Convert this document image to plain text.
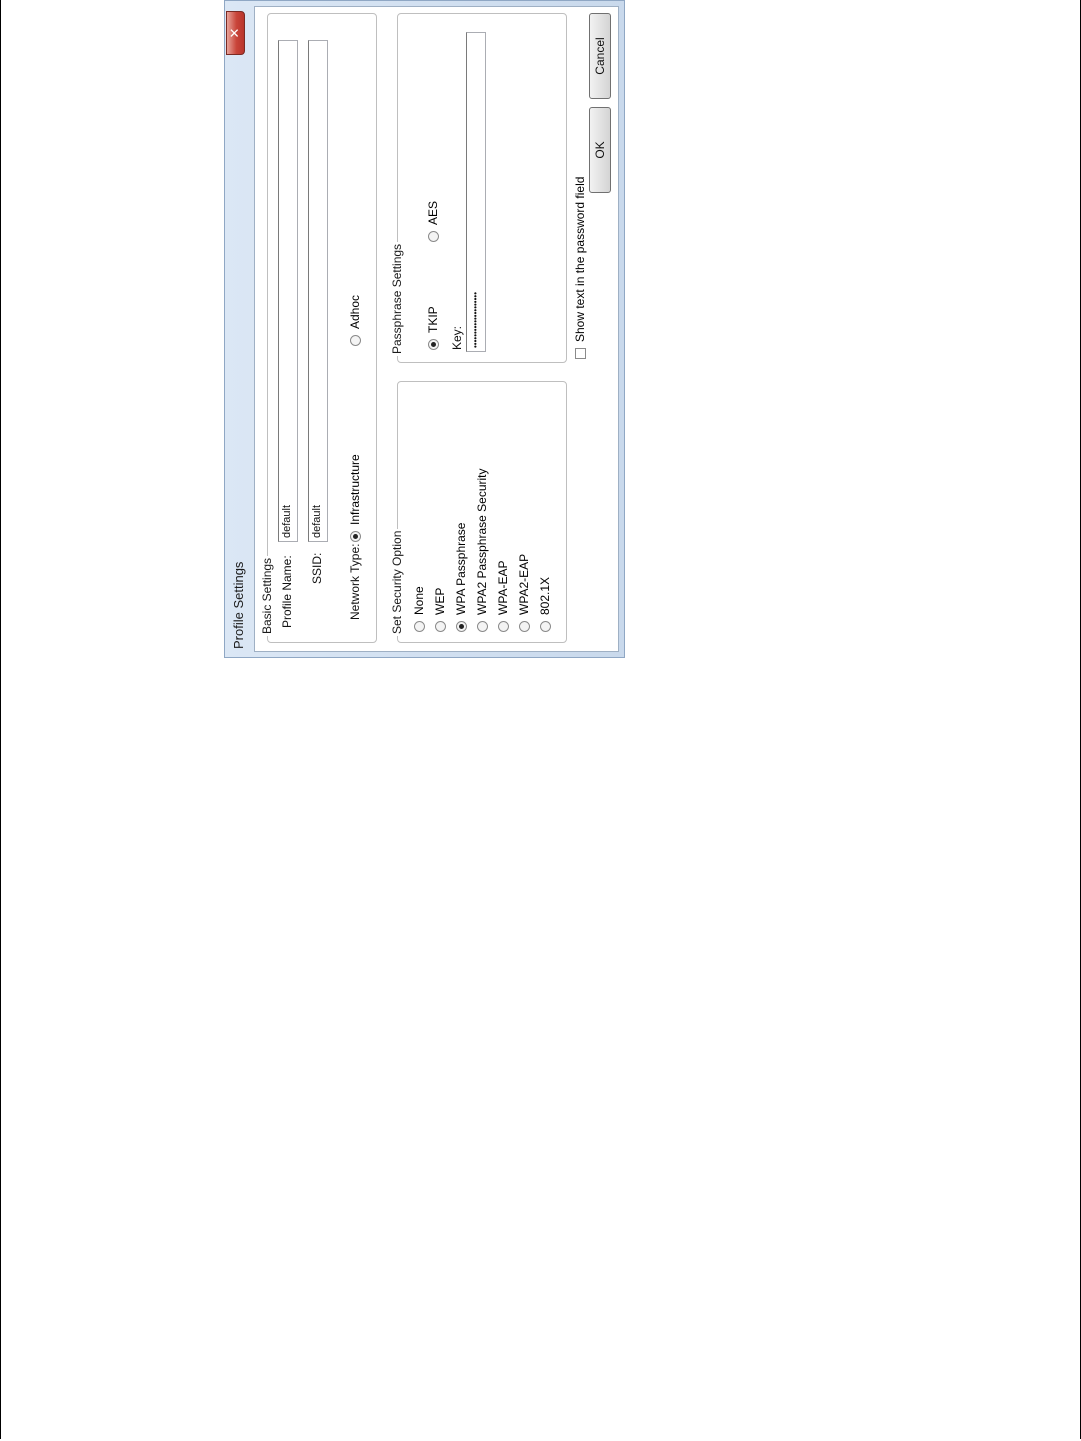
Profile Settings
✕
Basic Settings Profile Name:
default
SSID:
default
Network Type:
Infrastructure
Adhoc
Set Security Option None WEP WPA Passphrase WPA2 Passphrase Security WPA-EAP WPA2-EAP 802.1X
Passphrase Settings TKIP
AES
Key: ••••••••••••••••••••	Show text in the password field
OK
Cancel
